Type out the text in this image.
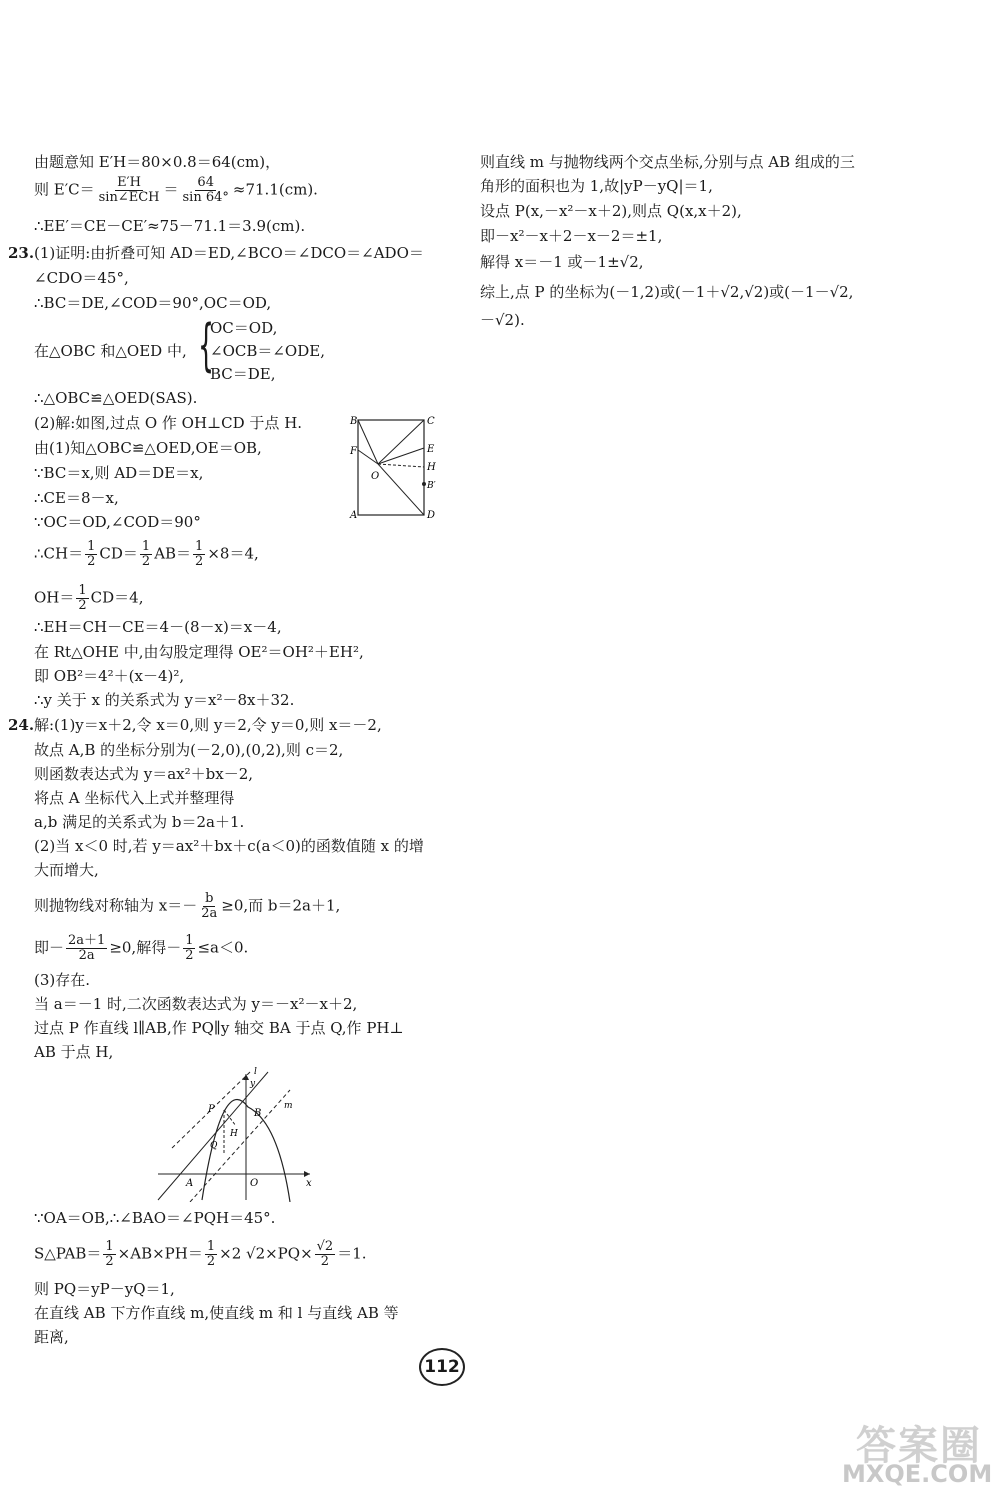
由题意知 E′H＝80×0.8＝64(cm)，
则 $E'C= \frac{E'H}{\text{sin∠ECH}} = \frac{64}{\sin 64^\circ} \approx 71.1(cm)$.
∴EE′＝CE－CE′≈75－71.1＝3.9(cm).
23. (1)证明:由折叠可知 AD＝ED,∠BCO＝∠DCO＝∠ADO＝
∠CDO＝45°,
∴BC＝DE,∠COD＝90°,OC＝OD,
在△OBC 和△OED 中, {
OC＝OD,
∠OCB＝∠ODE,
BC＝DE,
∴△OBC≌△OED(SAS).
(2)解:如图,过点 O 作 OH⊥CD 于点 H.
由(1)知△OBC≌△OED,OE＝OB,
∵BC＝x,则 AD＝DE＝x,
∴CE＝8－x,
∵OC＝OD,∠COD＝90°
∴CH＝ $\frac{1}{2} CD= \frac{1}{2} AB= \frac{1}{2} \times 8=4$,
$OH= \frac{1}{2} CD=4$,
∴EH＝CH－CE＝4－(8－x)＝x－4,
在 Rt△OHE 中,由勾股定理得 OE²＝OH²＋EH²,
即 OB²＝4²＋(x－4)²,
∴y 关于 x 的关系式为 y＝x²－8x＋32.
24. 解:(1)y＝x＋2,令 x＝0,则 y＝2,令 y＝0,则 x＝－2,
故点 A,B 的坐标分别为(－2,0),(0,2),则 c＝2,
则函数表达式为 y＝ax²＋bx－2,
将点 A 坐标代入上式并整理得
a,b 满足的关系式为 b＝2a＋1.
(2)当 x＜0 时,若 y＝ax²＋bx＋c(a＜0)的函数值随 x 的增
大而增大,
则抛物线对称轴为 $x=- \frac{b}{2a} \ge 0$,而 b＝2a＋1,
即－ $\frac{2a+1}{2a} \ge 0$,解得－ $\frac{1}{2} \le a<0$.
(3)存在.
当 a＝－1 时,二次函数表达式为 y＝－x²－x＋2,
过点 P 作直线 l∥AB,作 PQ∥y 轴交 BA 于点 Q,作 PH⊥
AB 于点 H,
∵OA＝OB,∴∠BAO＝∠PQH＝45°.
S△PAB＝ $\frac{1}{2} \times AB\times PH= \frac{1}{2} \times 2$ $√2\times PQ\times \frac{√2}{2} =1$.
则 PQ＝yP－yQ＝1,
在直线 AB 下方作直线 m,使直线 m 和 l 与直线 AB 等
距离,
B	C
F	E
O
H
B′
A	D
y
l
m
P	B
H
Q
A	O	x
则直线 m 与抛物线两个交点坐标,分别与点 AB 组成的三
角形的面积也为 1,故|yP－yQ|＝1,
设点 P(x,－x²－x＋2),则点 Q(x,x＋2),
即－x²－x＋2－x－2＝±1,
解得 x＝－1 或－1±√2,
综上,点 P 的坐标为(－1,2)或(－1＋√2,√2)或(－1－√2,
－√2).
112
答案圈
MXQE.COM
